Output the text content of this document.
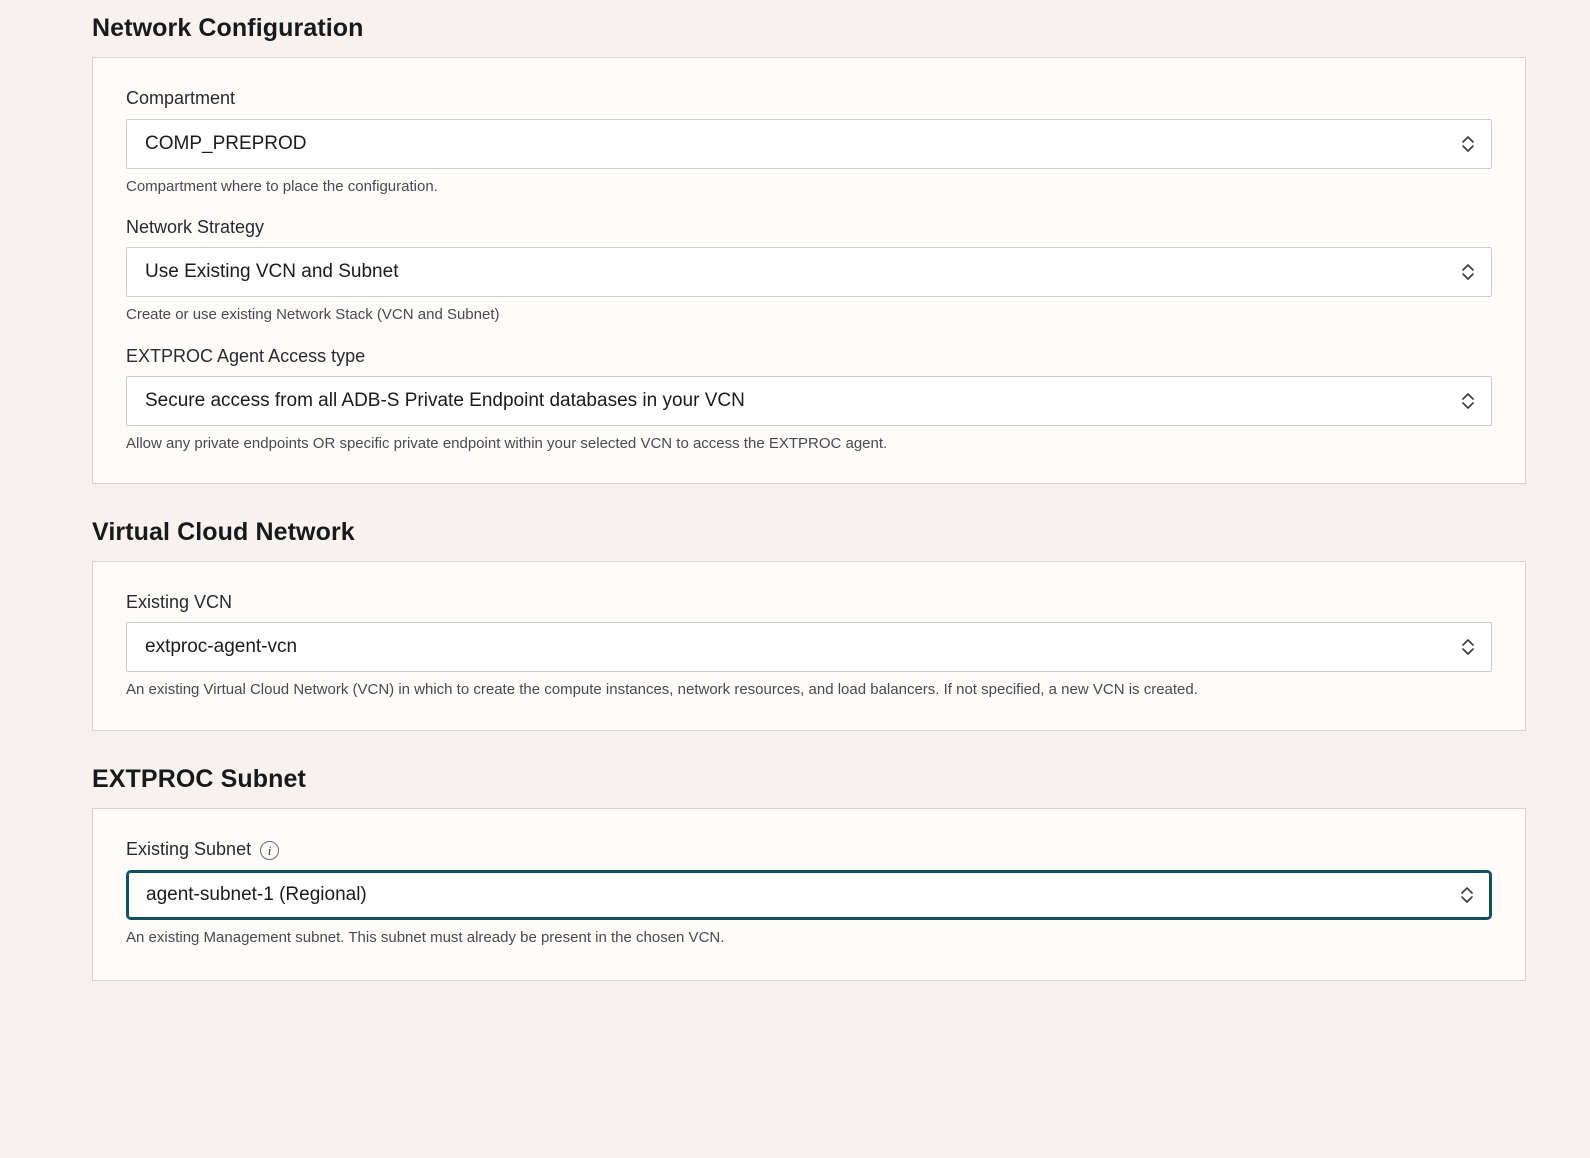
Network Configuration
Compartment
COMP_PREPROD
Compartment where to place the configuration.
Network Strategy
Use Existing VCN and Subnet
Create or use existing Network Stack (VCN and Subnet)
EXTPROC Agent Access type
Secure access from all ADB-S Private Endpoint databases in your VCN
Allow any private endpoints OR specific private endpoint within your selected VCN to access the EXTPROC agent.
Virtual Cloud Network
Existing VCN
extproc-agent-vcn
An existing Virtual Cloud Network (VCN) in which to create the compute instances, network resources, and load balancers. If not specified, a new VCN is created.
EXTPROC Subnet
Existing Subnet	i
agent-subnet-1 (Regional)
An existing Management subnet. This subnet must already be present in the chosen VCN.
